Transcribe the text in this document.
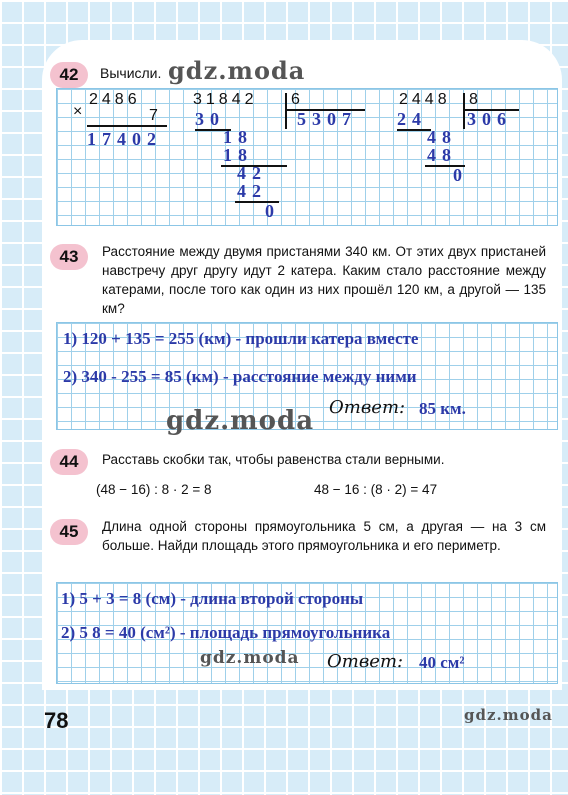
42	Вычисли. gdz.moda
×
2486
7
17402
31842 6
5307
30
18
18
42
42
0
2448 8
306
24
48
48
0
43	Расстояние между двумя пристанями 340 км. От этих двух пристаней навстречу друг другу идут 2 катера. Каким стало расстояние между катерами, после того как один из них прошёл 120 км, а другой — 135 км?
1) 120 + 135 = 255 (км) - прошли катера вместе
2) 340 - 255 = 85 (км) - расстояние между ними
Ответ: 85 км.
gdz.moda
44	Расставь скобки так, чтобы равенства стали верными.
(48 − 16) : 8 · 2 = 8	48 − 16 : (8 · 2) = 47
45	Длина одной стороны прямоугольника 5 см, а другая — на 3 см больше. Найди площадь этого прямоугольника и его периметр.
1) 5 + 3 = 8 (см) - длина второй стороны
2) 5 8 = 40 (см²) - площадь прямоугольника
Ответ: 40 см²
gdz.moda
78	gdz.moda
